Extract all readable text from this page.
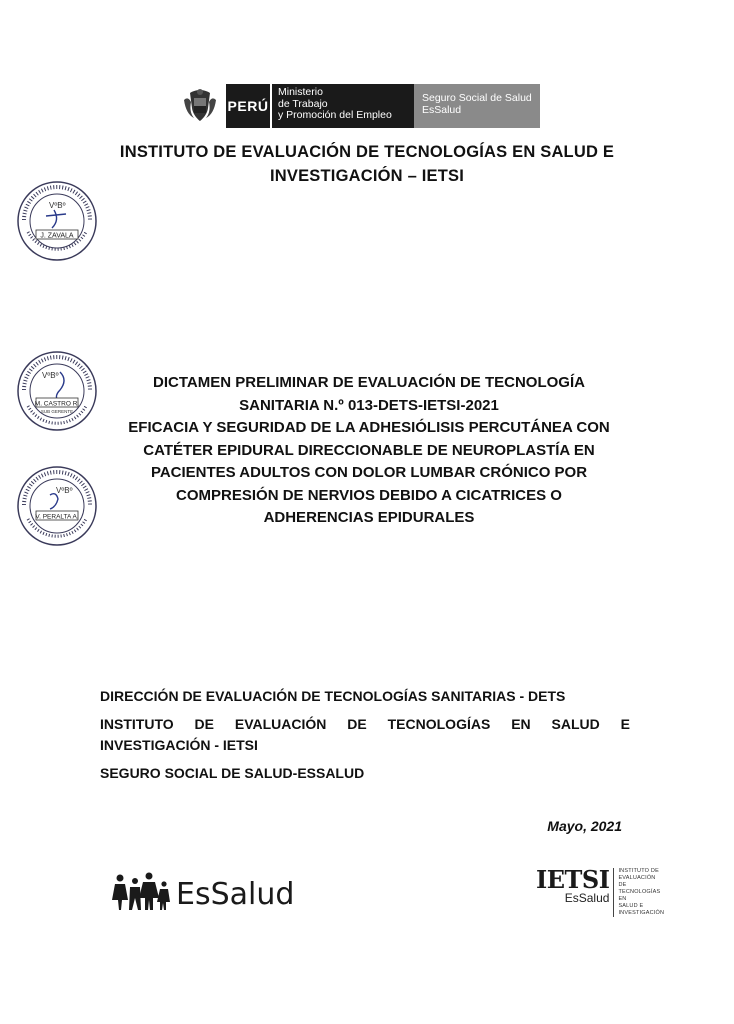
PERÚ
Ministerio
de Trabajo
y Promoción del Empleo
Seguro Social de Salud
EsSalud
INSTITUTO DE EVALUACIÓN DE TECNOLOGÍAS EN SALUD E
INVESTIGACIÓN – IETSI
VºBº
J. ZAVALA
VºBº
M. CASTRO R.
SUB GERENTE
VºBº
V. PERALTA A.
DICTAMEN PRELIMINAR DE EVALUACIÓN DE TECNOLOGÍA
SANITARIA N.º 013-DETS-IETSI-2021
EFICACIA Y SEGURIDAD DE LA ADHESIÓLISIS PERCUTÁNEA CON
CATÉTER EPIDURAL DIRECCIONABLE DE NEUROPLASTÍA EN
PACIENTES ADULTOS CON DOLOR LUMBAR CRÓNICO POR
COMPRESIÓN DE NERVIOS DEBIDO A CICATRICES O
ADHERENCIAS EPIDURALES

DIRECCIÓN DE EVALUACIÓN DE TECNOLOGÍAS SANITARIAS - DETS

INSTITUTO DE EVALUACIÓN DE TECNOLOGÍAS EN SALUD E

INVESTIGACIÓN - IETSI

SEGURO SOCIAL DE SALUD-ESSALUD

Mayo, 2021
EsSalud	IETSI
EsSalud
INSTITUTO DE
EVALUACIÓN DE
TECNOLOGÍAS EN
SALUD E
INVESTIGACIÓN
